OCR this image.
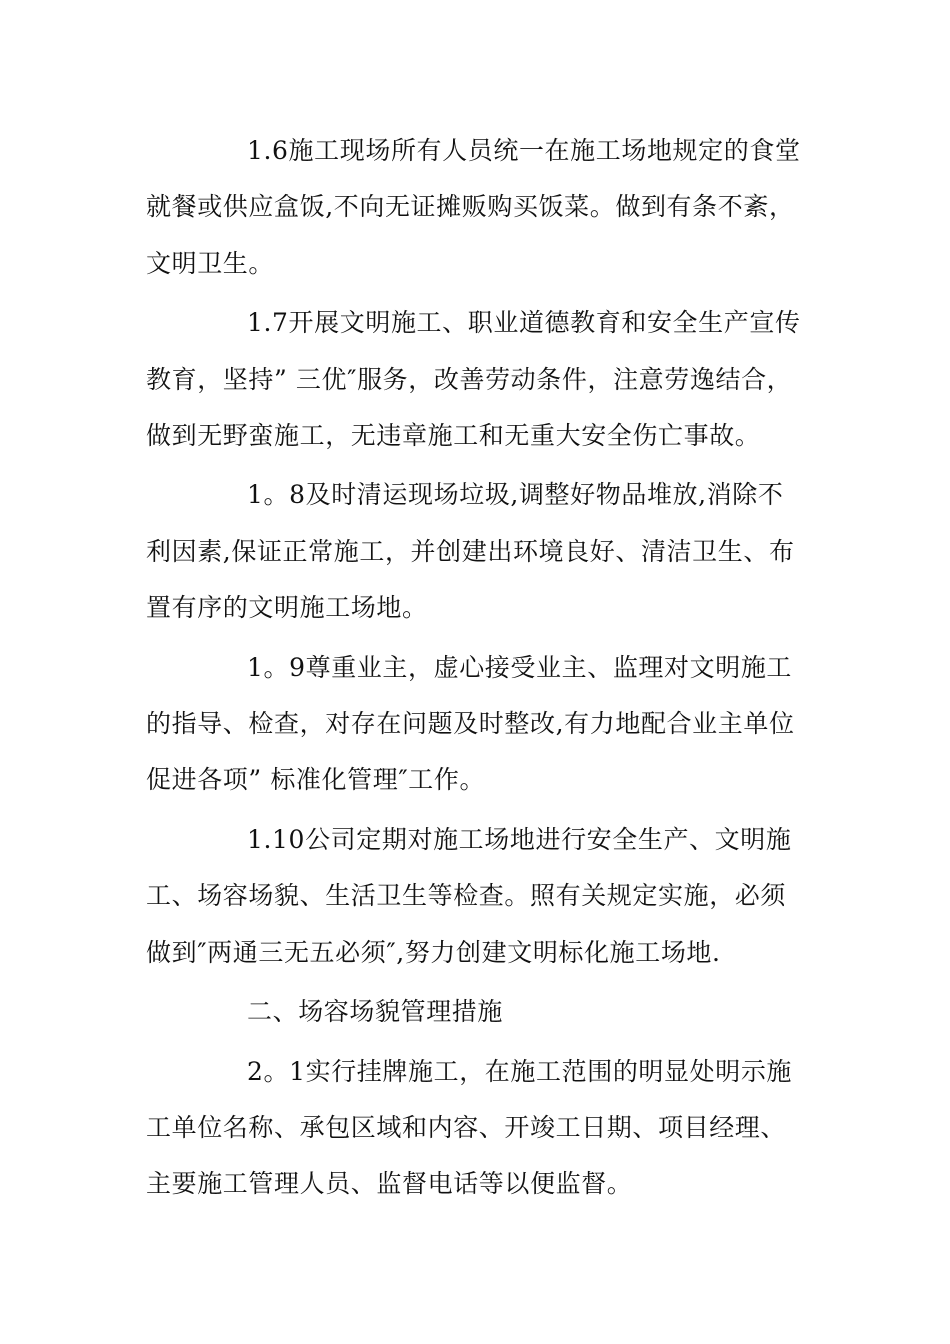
1.6施工现场所有人员统一在施工场地规定的食堂
就餐或供应盒饭,不向无证摊贩购买饭菜。做到有条不紊，
文明卫生。
1.7开展文明施工、职业道德教育和安全生产宣传
教育，坚持” 三优″服务，改善劳动条件，注意劳逸结合，
做到无野蛮施工，无违章施工和无重大安全伤亡事故。
1。8及时清运现场垃圾,调整好物品堆放,消除不
利因素,保证正常施工，并创建出环境良好、清洁卫生、布
置有序的文明施工场地。
1。9尊重业主，虚心接受业主、监理对文明施工
的指导、检查，对存在问题及时整改,有力地配合业主单位
促进各项” 标准化管理″工作。
1.10公司定期对施工场地进行安全生产、文明施
工、场容场貌、生活卫生等检查。照有关规定实施，必须
做到″两通三无五必须″,努力创建文明标化施工场地.
二、场容场貌管理措施
2。1实行挂牌施工，在施工范围的明显处明示施
工单位名称、承包区域和内容、开竣工日期、项目经理、
主要施工管理人员、监督电话等以便监督。
